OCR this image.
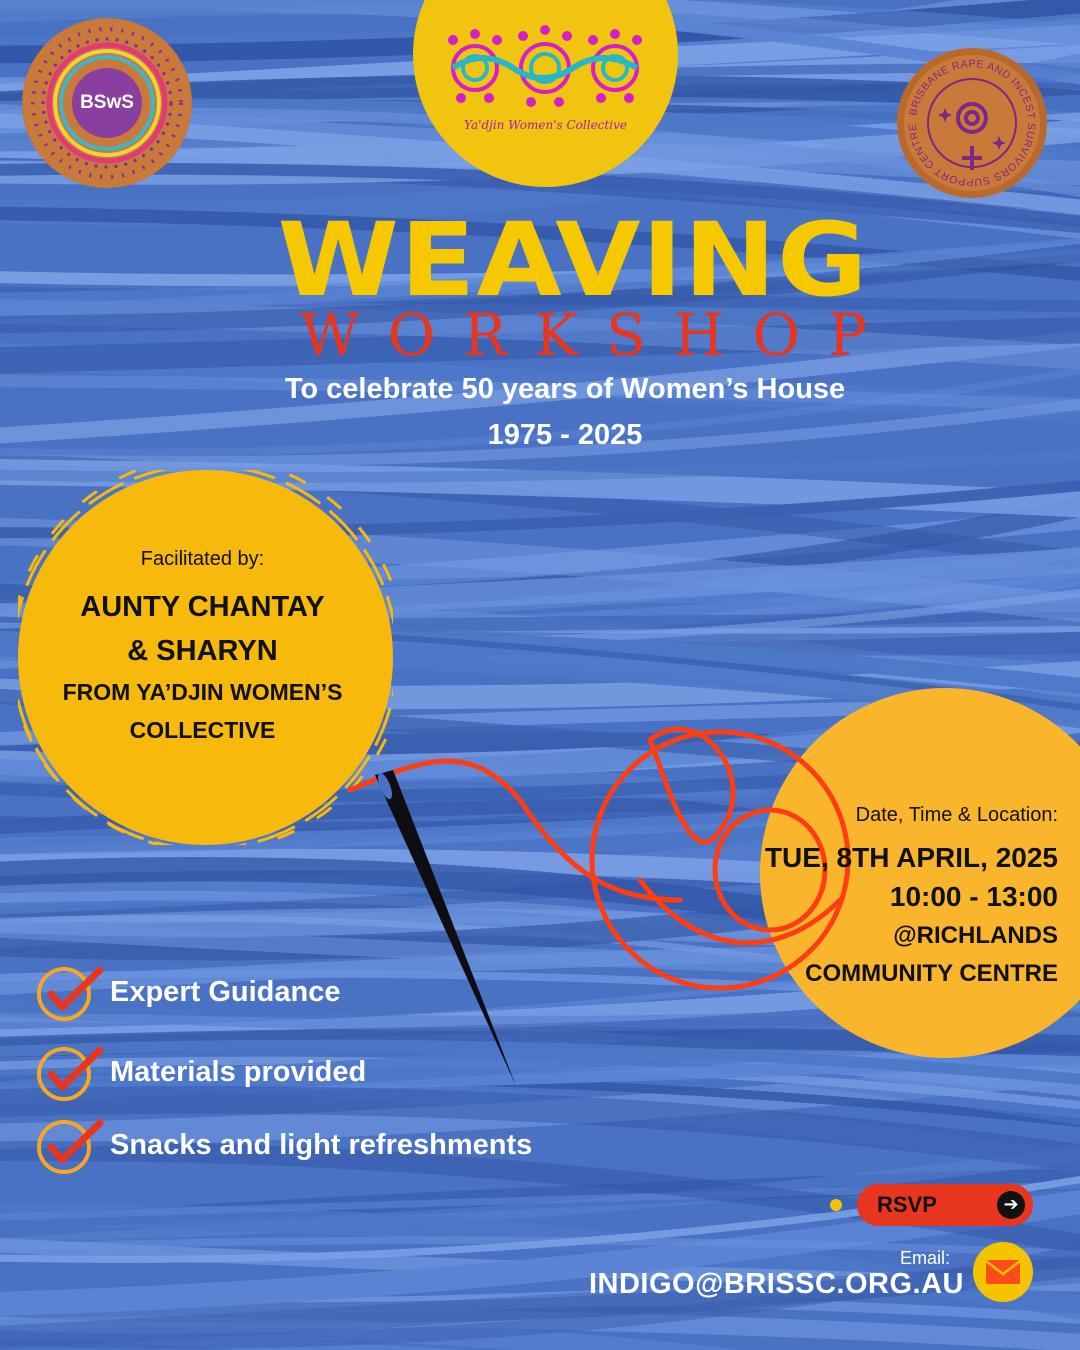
BSwS
Ya'djin Women's Collective
BRISBANE RAPE AND INCEST SURVIVORS SUPPORT CENTRE
WEAVING
WORKSHOP
To celebrate 50 years of Women’s House
1975 - 2025
Facilitated by:
AUNTY CHANTAY
& SHARYN
FROM YA’DJIN WOMEN’S
COLLECTIVE
Date, Time & Location:
TUE, 8TH APRIL, 2025
10:00 - 13:00
@RICHLANDS
COMMUNITY CENTRE
Expert Guidance
Materials provided
Snacks and light refreshments
RSVP	➔
Email:
INDIGO@BRISSC.ORG.AU
